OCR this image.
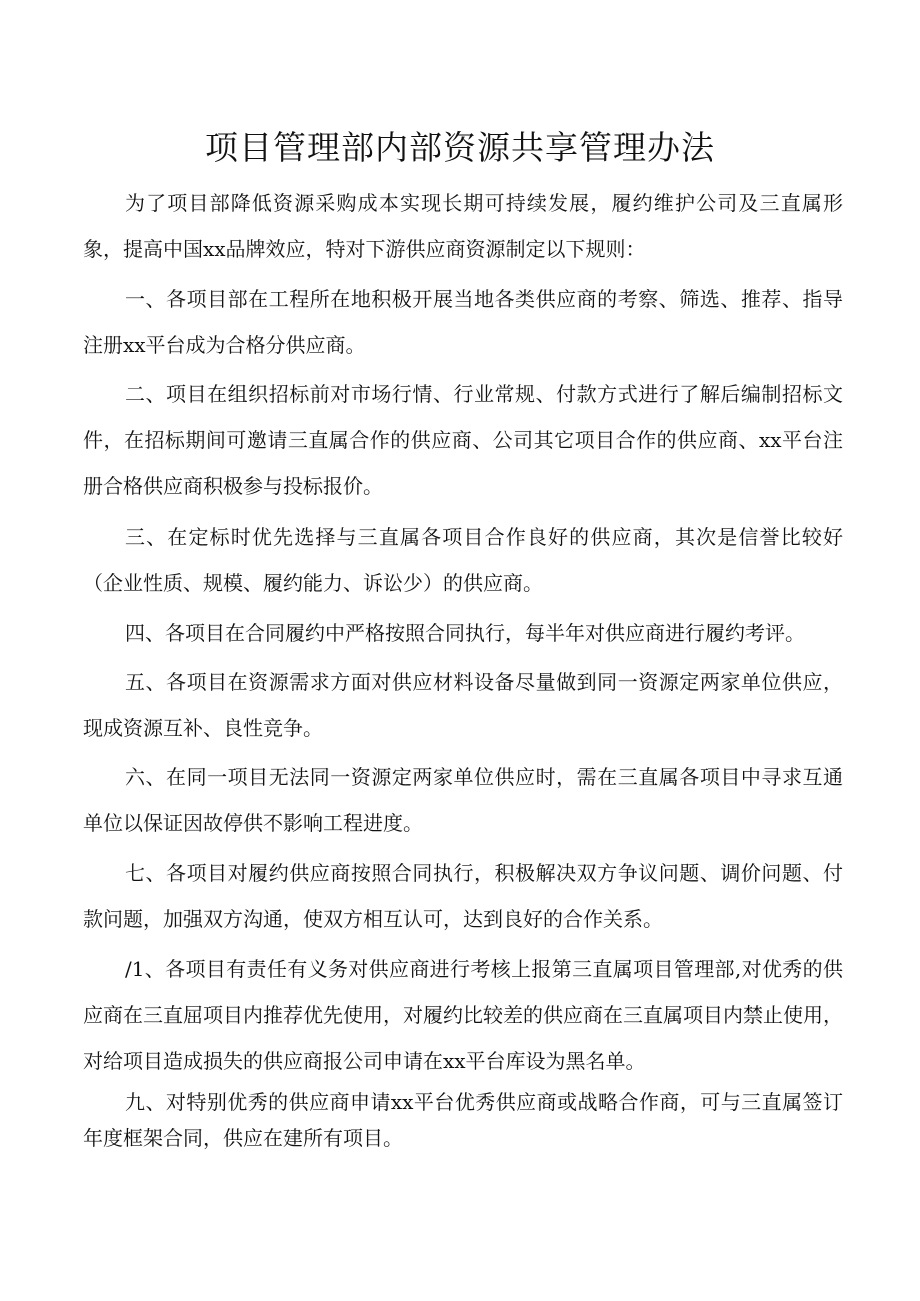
项目管理部内部资源共享管理办法

为了项目部降低资源采购成本实现长期可持续发展，履约维护公司及三直属形象，提高中国xx品牌效应，特对下游供应商资源制定以下规则：

一、各项目部在工程所在地积极开展当地各类供应商的考察、筛选、推荐、指导注册xx平台成为合格分供应商。

二、项目在组织招标前对市场行情、行业常规、付款方式进行了解后编制招标文件，在招标期间可邀请三直属合作的供应商、公司其它项目合作的供应商、xx平台注册合格供应商积极参与投标报价。

三、在定标时优先选择与三直属各项目合作良好的供应商，其次是信誉比较好（企业性质、规模、履约能力、诉讼少）的供应商。

四、各项目在合同履约中严格按照合同执行，每半年对供应商进行履约考评。

五、各项目在资源需求方面对供应材料设备尽量做到同一资源定两家单位供应，现成资源互补、良性竞争。

六、在同一项目无法同一资源定两家单位供应时，需在三直属各项目中寻求互通单位以保证因故停供不影响工程进度。

七、各项目对履约供应商按照合同执行，积极解决双方争议问题、调价问题、付款问题，加强双方沟通，使双方相互认可，达到良好的合作关系。

/1、各项目有责任有义务对供应商进行考核上报第三直属项目管理部,对优秀的供应商在三直屈项目内推荐优先使用，对履约比较差的供应商在三直属项目内禁止使用，对给项目造成损失的供应商报公司申请在xx平台库设为黑名单。

九、对特别优秀的供应商申请xx平台优秀供应商或战略合作商，可与三直属签订年度框架合同，供应在建所有项目。
